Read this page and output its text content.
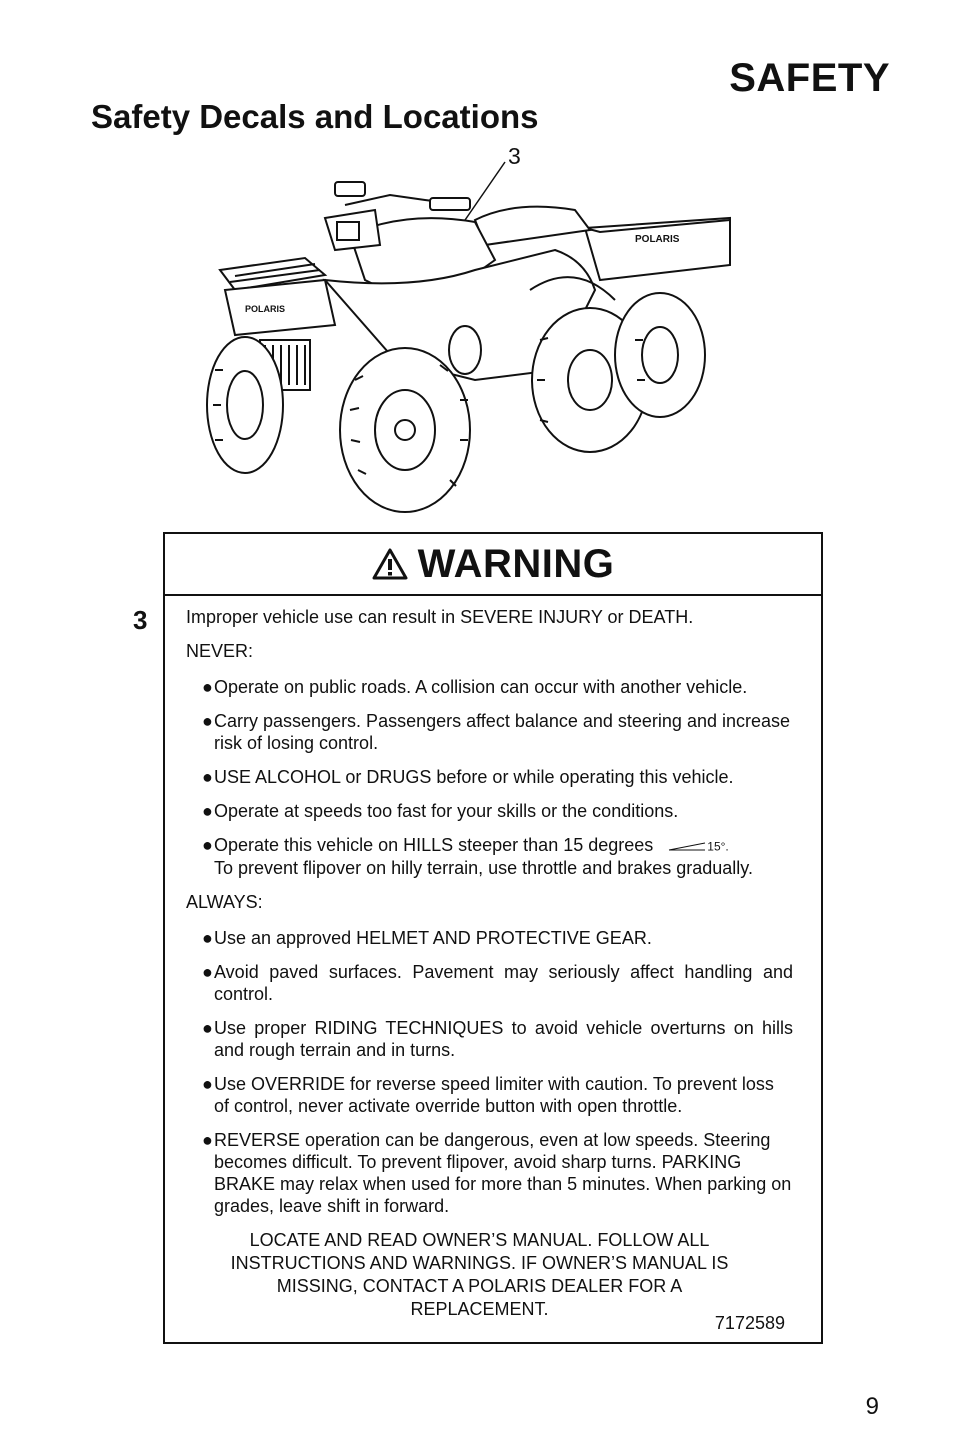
SAFETY
Safety Decals and Locations
3
POLARIS
POLARIS
3
WARNING
Improper vehicle use can result in SEVERE INJURY or DEATH.
NEVER:
●Operate on public roads. A collision can occur with another vehicle.
●Carry passengers. Passengers affect balance and steering and increase risk of losing control.
●USE ALCOHOL or DRUGS before or while operating this vehicle.
●Operate at speeds too fast for your skills or the conditions.
●Operate this vehicle on HILLS steeper than 15 degrees	15°.
To prevent flipover on hilly terrain, use throttle and brakes gradually.
ALWAYS:
●Use an approved HELMET AND PROTECTIVE GEAR.
●Avoid paved surfaces. Pavement may seriously affect handling and control.
●Use proper RIDING TECHNIQUES to avoid vehicle overturns on hills and rough terrain and in turns.
●Use OVERRIDE for reverse speed limiter with caution. To prevent loss of control, never activate override button with open throttle.
●REVERSE operation can be dangerous, even at low speeds. Steering becomes difficult. To prevent flipover, avoid sharp turns. PARKING BRAKE may relax when used for more than 5 minutes. When parking on grades, leave shift in forward.
LOCATE AND READ OWNER’S MANUAL. FOLLOW ALL INSTRUCTIONS AND WARNINGS. IF OWNER’S MANUAL IS MISSING, CONTACT A POLARIS DEALER FOR A REPLACEMENT.
7172589
9
